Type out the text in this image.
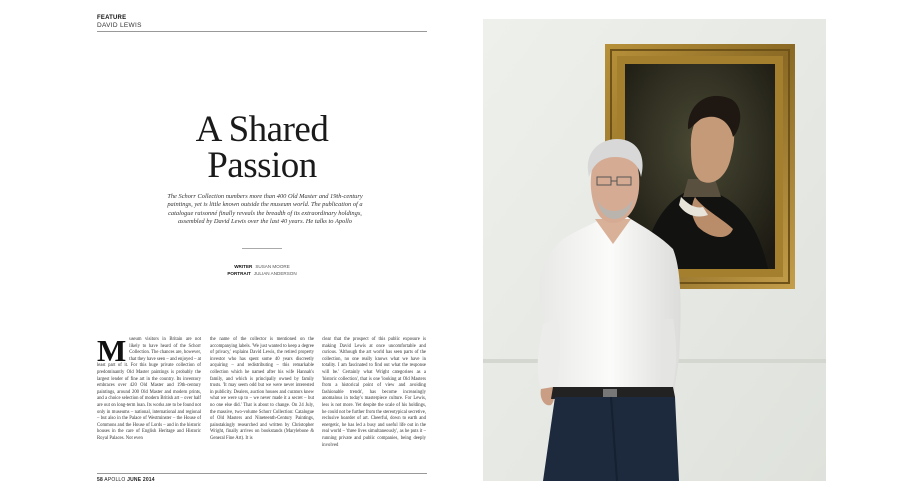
FEATURE
DAVID LEWIS
A Shared
Passion
The Schorr Collection numbers more than 400 Old Master and 19th-century paintings, yet is little known outside the museum world. The publication of a catalogue raisonné finally reveals the breadth of its extraordinary holdings, assembled by David Lewis over the last 40 years. He talks to Apollo
WRITER SUSAN MOORE
PORTRAIT JULIAN ANDERSON
M useum visitors in Britain are not likely to have heard of the Schorr Collection. The chances are, however, that they have seen – and enjoyed – at least part of it. For this huge private collection of predominantly Old Master paintings is probably the largest lender of fine art in the country. Its inventory embraces over 420 Old Master and 19th-century paintings, around 200 Old Master and modern prints, and a choice selection of modern British art – over half are out on long-term loan. Its works are to be found not only in museums – national, international and regional – but also in the Palace of Westminster – the House of Commons and the House of Lords – and in the historic houses in the care of English Heritage and Historic Royal Palaces. Not even
the name of the collector is mentioned on the accompanying labels. 'We just wanted to keep a degree of privacy,' explains David Lewis, the retired property investor who has spent some 40 years discreetly acquiring – and redistributing – this remarkable collection which he named after his wife Hannah's family, and which is principally owned by family trusts. 'It may seem odd but we were never interested in publicity. Dealers, auction houses and curators knew what we were up to – we never made it a secret – but no one else did.' That is about to change. On 24 July, the massive, two-volume Schorr Collection: Catalogue of Old Masters and Nineteenth-Century Paintings, painstakingly researched and written by Christopher Wright, finally arrives on bookstands (Marylebone & General Fine Art). It is
clear that the prospect of this public exposure is making David Lewis at once uncomfortable and curious. 'Although the art world has seen parts of the collection, no one really knows what we have in totality. I am fascinated to find out what the response will be.' Certainly what Wright categorises as a 'historic collection', that is one 'looking at Old Masters from a historical point of view and avoiding fashionable trends', has become increasingly anomalous in today's masterpiece culture. For Lewis, less is not more. Yet despite the scale of his holdings, he could not be further from the stereotypical secretive, reclusive hoarder of art. Cheerful, down to earth and energetic, he has led a busy and useful life out in the real world – 'three lives simultaneously', as he puts it – running private and public companies, being deeply involved
58 APOLLO JUNE 2014
